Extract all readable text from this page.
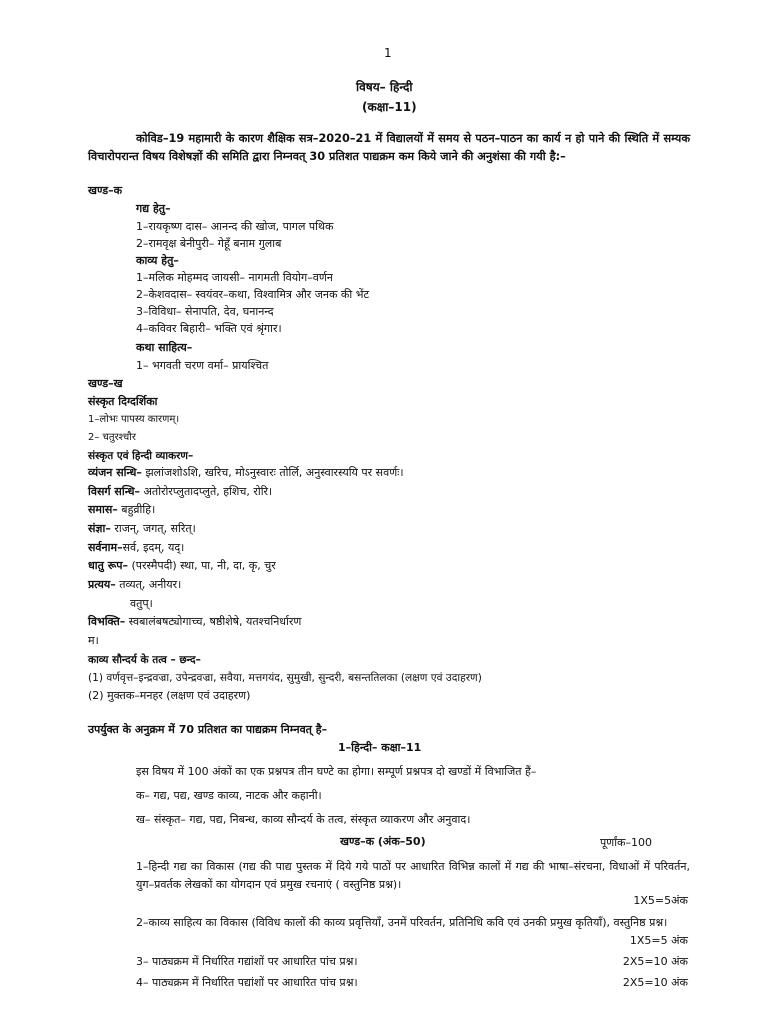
1
विषय– हिन्दी
(कक्षा–11)
कोविड–19 महामारी के कारण शैक्षिक सत्र–2020–21 में विद्यालयों में समय से पठन–पाठन का कार्य न हो पाने की स्थिति में सम्यक विचारोपरान्त विषय विशेषज्ञों की समिति द्वारा निम्नवत् 30 प्रतिशत पाद्यक्रम कम किये जाने की अनुशंसा की गयी है:–
खण्ड–क
गद्य हेतु–
1–रायकृष्ण दास– आनन्द की खोज, पागल पथिक
2–रामवृक्ष बेनीपुरी– गेहूँ बनाम गुलाब
काव्य हेतु–
1–मलिक मोहम्मद जायसी– नागमती वियोग–वर्णन
2–केशवदास– स्वयंवर–कथा, विश्वामित्र और जनक की भेंट
3–विविधा– सेनापति, देव, घनानन्द
4–कविवर बिहारी– भक्ति एवं श्रृंगार।
कथा साहित्य–
1– भगवती चरण वर्मा– प्रायश्चित
खण्ड–ख
संस्कृत दिग्दर्शिका
1–लोभः पापस्य कारणम्।
2– चतुरश्चौर
संस्कृत एवं हिन्दी व्याकरण–
व्यंजन सन्धि– झलांजशोऽशि, खरिच, मोऽनुस्वारः तोर्लि, अनुस्वारस्ययि पर सवर्णः।
विसर्ग सन्धि– अतोरोरप्लुतादप्लुते, हशिच, रोरि।
समास– बहुव्रीहि।
संज्ञा– राजन्, जगत्, सरित्।
सर्वनाम–सर्व, इदम्, यद्।
धातु रूप– (परस्मैपदी) स्था, पा, नी, दा, कृ, चुर
प्रत्यय– तव्यत्, अनीयर।
वतुप्।
विभक्ति– स्वबालंबषट्योगाच्च, षष्ठीशेषे, यतश्चनिर्धारण
म।
काव्य सौन्दर्य के तत्व – छन्द–
(1) वर्णवृत्त–इन्द्रवज्रा, उपेन्द्रवज्रा, सवैया, मत्तगयंद, सुमुखी, सुन्दरी, बसन्ततिलका (लक्षण एवं उदाहरण)
(2) मुक्तक–मनहर (लक्षण एवं उदाहरण)
उपर्युक्त के अनुक्रम में 70 प्रतिशत का पाद्यक्रम निम्नवत् है–
1–हिन्दी– कक्षा–11
इस विषय में 100 अंकों का एक प्रश्नपत्र तीन घण्टे का होगा। सम्पूर्ण प्रश्नपत्र दो खण्डों में विभाजित हैं–
क– गद्य, पद्य, खण्ड काव्य, नाटक और कहानी।
ख– संस्कृत– गद्य, पद्य, निबन्ध, काव्य सौन्दर्य के तत्व, संस्कृत व्याकरण और अनुवाद।
खण्ड–क (अंक–50)	पूर्णांक–100
1–हिन्दी गद्य का विकास (गद्य की पाद्य पुस्तक में दिये गये पाठों पर आधारित विभिन्न कालों में गद्य की भाषा–संरचना, विधाओं में परिवर्तन, युग–प्रवर्तक लेखकों का योगदान एवं प्रमुख रचनाएं ( वस्तुनिष्ठ प्रश्न)।
1X5=5अंक
2–काव्य साहित्य का विकास (विविध कालों की काव्य प्रवृत्तियाँ, उनमें परिवर्तन, प्रतिनिधि कवि एवं उनकी प्रमुख कृतियाँ), वस्तुनिष्ठ प्रश्न।
1X5=5 अंक
3– पाठ्यक्रम में निर्धारित गद्यांशों पर आधारित पांच प्रश्न।	2X5=10 अंक
4– पाठ्यक्रम में निर्धारित पद्यांशों पर आधारित पांच प्रश्न।	2X5=10 अंक
